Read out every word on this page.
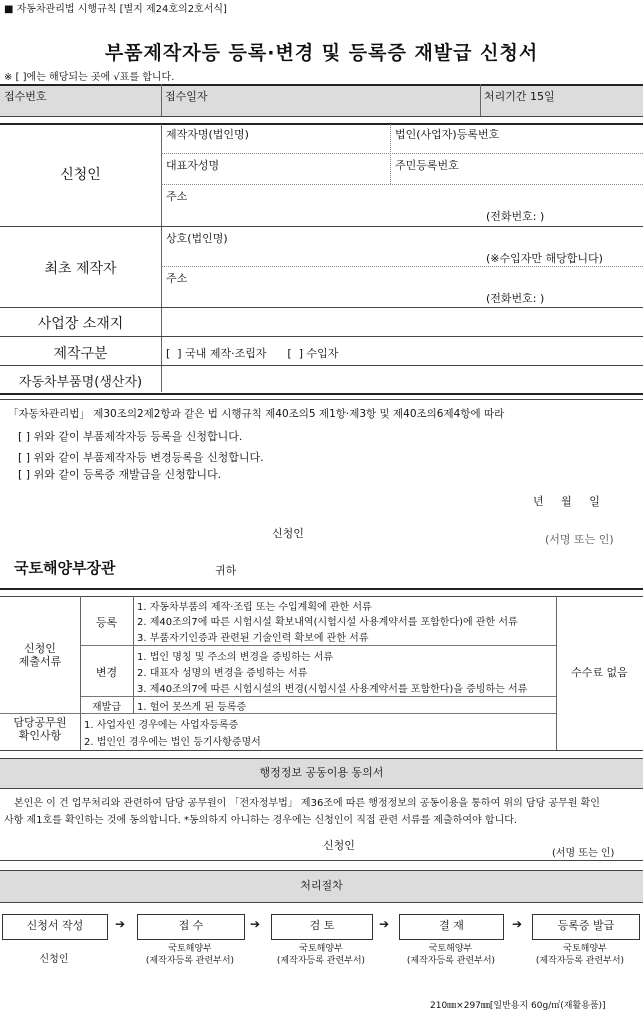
■ 자동차관리법 시행규칙 [별지 제24호의2호서식]
부품제작자등 등록·변경 및 등록증 재발급 신청서
※ [ ]에는 해당되는 곳에 √표를 합니다.
접수번호	접수일자	처리기간 15일
신청인
제작자명(법인명)	법인(사업자)등록번호
대표자성명	주민등록번호
주소
(전화번호: )
최초 제작자
상호(법인명)
(※수입자만 해당합니다)
주소
(전화번호: )
사업장 소재지
제작구분	[  ] 국내 제작·조립자      [  ] 수입자
자동차부품명(생산자)
「자동차관리법」 제30조의2제2항과 같은 법 시행규칙 제40조의5 제1항·제3항 및 제40조의6제4항에 따라
[ ] 위와 같이 부품제작자등 등록을 신청합니다.
[ ] 위와 같이 부품제작자등 변경등록을 신청합니다.
[ ] 위와 같이 등록증 재발급을 신청합니다.
년     월     일
신청인	(서명 또는 인)
국토해양부장관	귀하
신청인
제출서류
등록
1. 자동차부품의 제작·조립 또는 수입계획에 관한 서류
2. 제40조의7에 따른 시험시설 확보내역(시험시설 사용계약서를 포함한다)에 관한 서류
3. 부품자기인증과 관련된 기술인력 확보에 관한 서류
변경
1. 법인 명칭 및 주소의 변경을 증빙하는 서류
2. 대표자 성명의 변경을 증빙하는 서류
3. 제40조의7에 따른 시험시설의 변경(시험시설 사용계약서를 포함한다)을 증빙하는 서류
재발급	1. 헐어 못쓰게 된 등록증
수수료 없음
담당공무원
확인사항
1. 사업자인 경우에는 사업자등록증
2. 법인인 경우에는 법인 등기사항증명서
행정정보 공동이용 동의서
본인은 이 건 업무처리와 관련하여 담당 공무원이 「전자정부법」 제36조에 따른 행정정보의 공동이용을 통하여 위의 담당 공무원 확인
사항 제1호를 확인하는 것에 동의합니다. *동의하지 아니하는 경우에는 신청인이 직접 관련 서류를 제출하여야 합니다.
신청인
(서명 또는 인)
처리절차
신청서 작성	➔	접 수	➔	검 토	➔	결 재	➔	등록증 발급
신청인
국토해양부
(제작자등록 관련부서)
국토해양부
(제작자등록 관련부서)
국토해양부
(제작자등록 관련부서)
국토해양부
(제작자등록 관련부서)
210㎜×297㎜[일반용지 60g/㎡(재활용품)]
